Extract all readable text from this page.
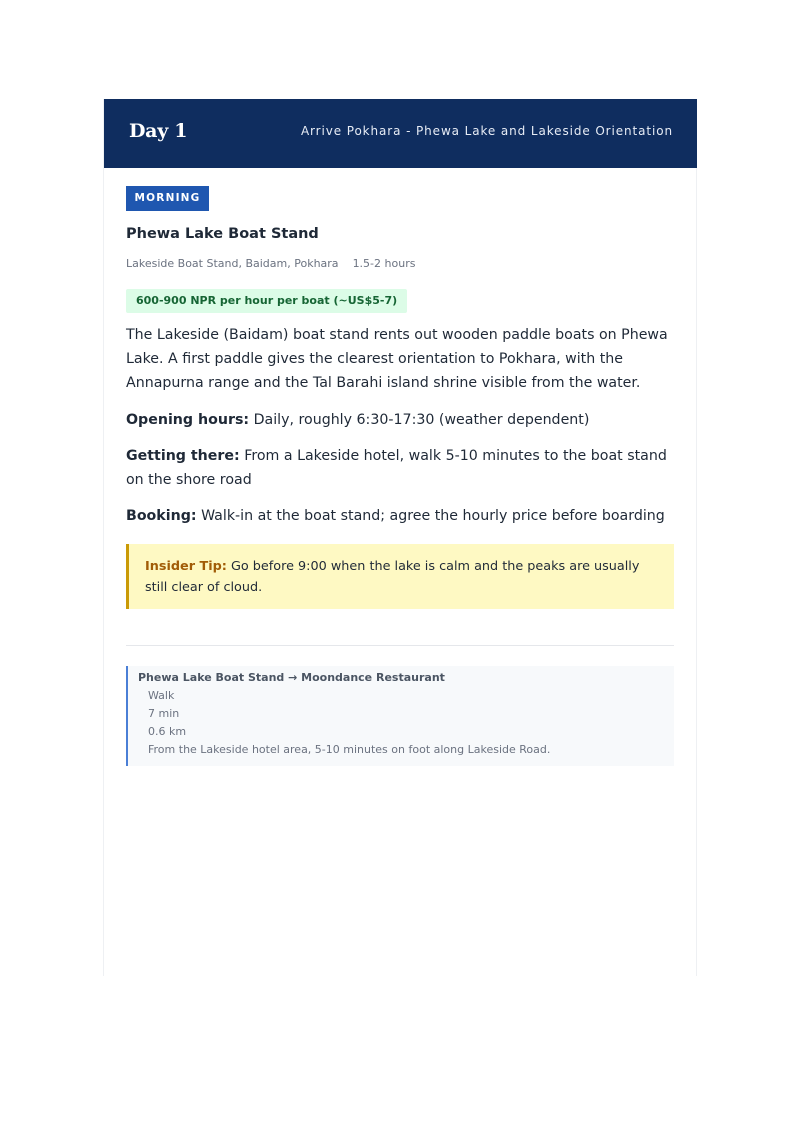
Day 1	Arrive Pokhara - Phewa Lake and Lakeside Orientation
MORNING
Phewa Lake Boat Stand
Lakeside Boat Stand, Baidam, Pokhara 1.5-2 hours
600-900 NPR per hour per boat (~US$5-7)

The Lakeside (Baidam) boat stand rents out wooden paddle boats on Phewa Lake. A first paddle gives the clearest orientation to Pokhara, with the Annapurna range and the Tal Barahi island shrine visible from the water.

Opening hours: Daily, roughly 6:30-17:30 (weather dependent)

Getting there: From a Lakeside hotel, walk 5-10 minutes to the boat stand on the shore road

Booking: Walk-in at the boat stand; agree the hourly price before boarding

Insider Tip: Go before 9:00 when the lake is calm and the peaks are usually still clear of cloud.
Phewa Lake Boat Stand → Moondance Restaurant
Walk
7 min
0.6 km
From the Lakeside hotel area, 5-10 minutes on foot along Lakeside Road.
